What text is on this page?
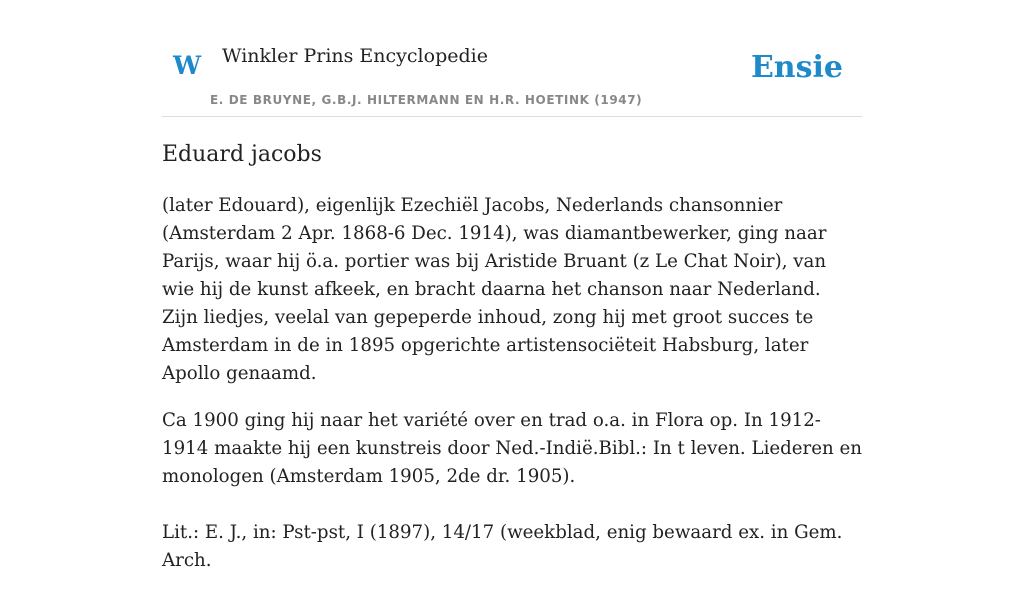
W Winkler Prins Encyclopedie
E. DE BRUYNE, G.B.J. HILTERMANN EN H.R. HOETINK (1947)
Ensie
Eduard jacobs

(later Edouard), eigenlijk Ezechiël Jacobs, Nederlands chansonnier (Amsterdam 2 Apr. 1868-6 Dec. 1914), was diamantbewerker, ging naar Parijs, waar hij ö.a. portier was bij Aristide Bruant (z Le Chat Noir), van wie hij de kunst afkeek, en bracht daarna het chanson naar Nederland. Zijn liedjes, veelal van gepeperde inhoud, zong hij met groot succes te Amsterdam in de in 1895 opgerichte artistensociëteit Habsburg, later Apollo genaamd.

Ca 1900 ging hij naar het variété over en trad o.a. in Flora op. In 1912-1914 maakte hij een kunstreis door Ned.-Indië.Bibl.: In t leven. Liederen en monologen (Amsterdam 1905, 2de dr. 1905).

Lit.: E. J., in: Pst-pst, I (1897), 14/17 (weekblad, enig bewaard ex. in Gem. Arch.
